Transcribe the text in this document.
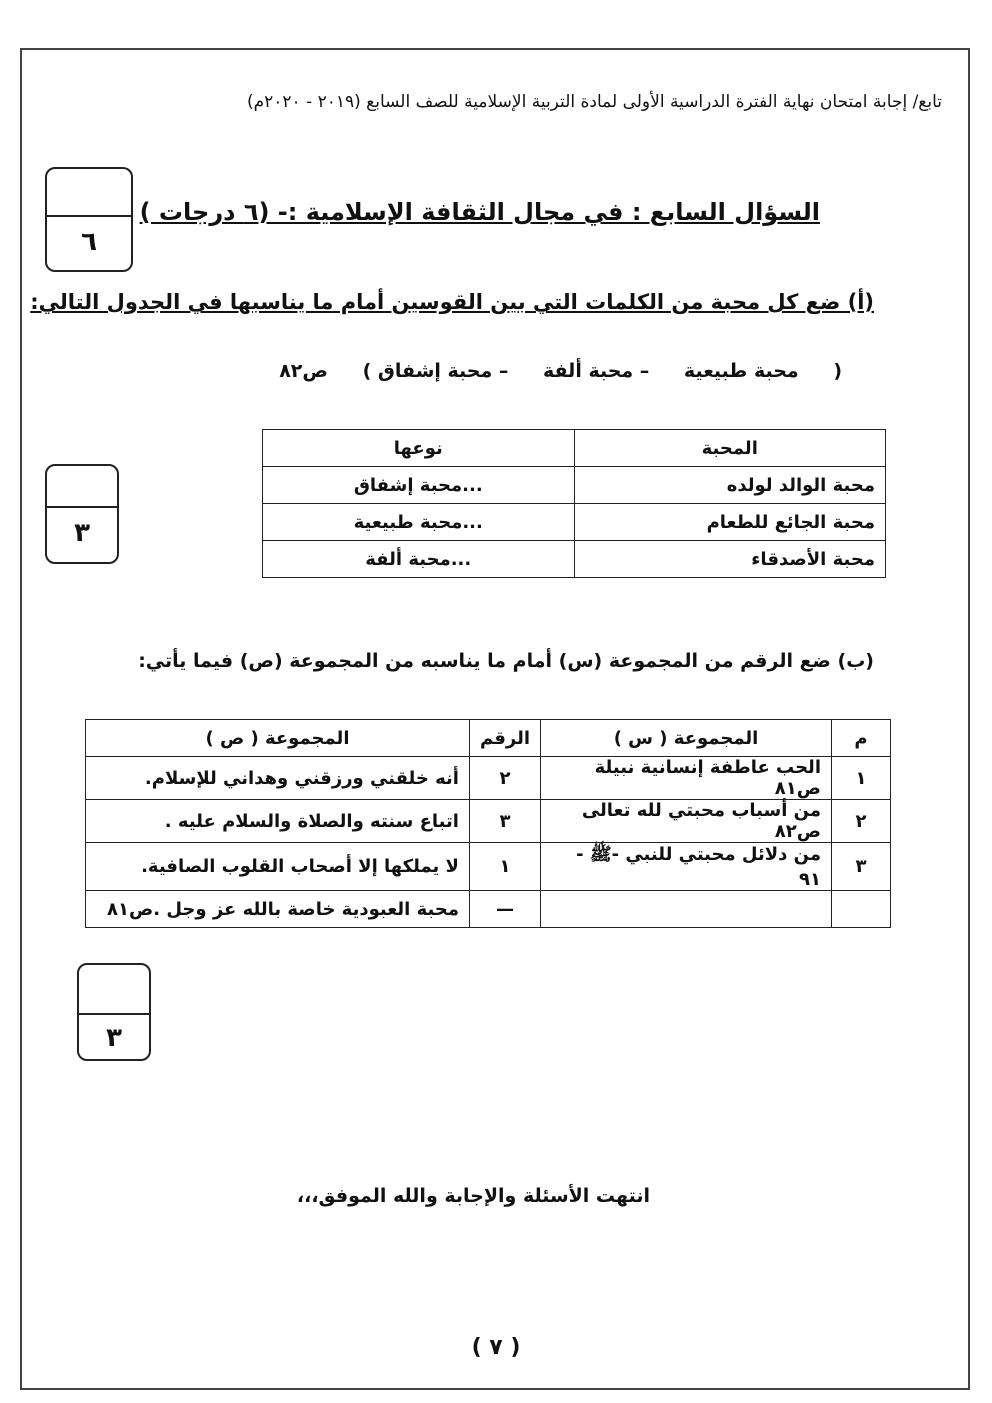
تابع/ إجابة امتحان نهاية الفترة الدراسية الأولى لمادة التربية الإسلامية للصف السابع (٢٠١٩ - ٢٠٢٠م)
٦
السؤال السابع : في مجال الثقافة الإسلامية :- (٦ درجات )
(أ) ضع كل محبة من الكلمات التي بين القوسين أمام ما يناسبها في الجدول التالي:
( محبة طبيعية – محبة ألفة – محبة إشفاق ) ص٨٢
٣
المحبة	نوعها
محبة الوالد لولده	...محبة إشفاق
محبة الجائع للطعام	...محبة طبيعية
محبة الأصدقاء	...محبة ألفة
(ب) ضع الرقم من المجموعة (س) أمام ما يناسبه من المجموعة (ص) فيما يأتي:
م	المجموعة ( س )	الرقم	المجموعة ( ص )
١	الحب عاطفة إنسانية نبيلة ص٨١	٢	أنه خلقني ورزقني وهداني للإسلام.
٢	من أسباب محبتي لله تعالى ص٨٢	٣	اتباع سنته والصلاة والسلام عليه .
٣	من دلائل محبتي للنبي -ﷺ - ٩١	١	لا يملكها إلا أصحاب القلوب الصافية.
		—	محبة العبودية خاصة بالله عز وجل .ص٨١
٣
انتهت الأسئلة والإجابة والله الموفق،،،
( ٧ )
